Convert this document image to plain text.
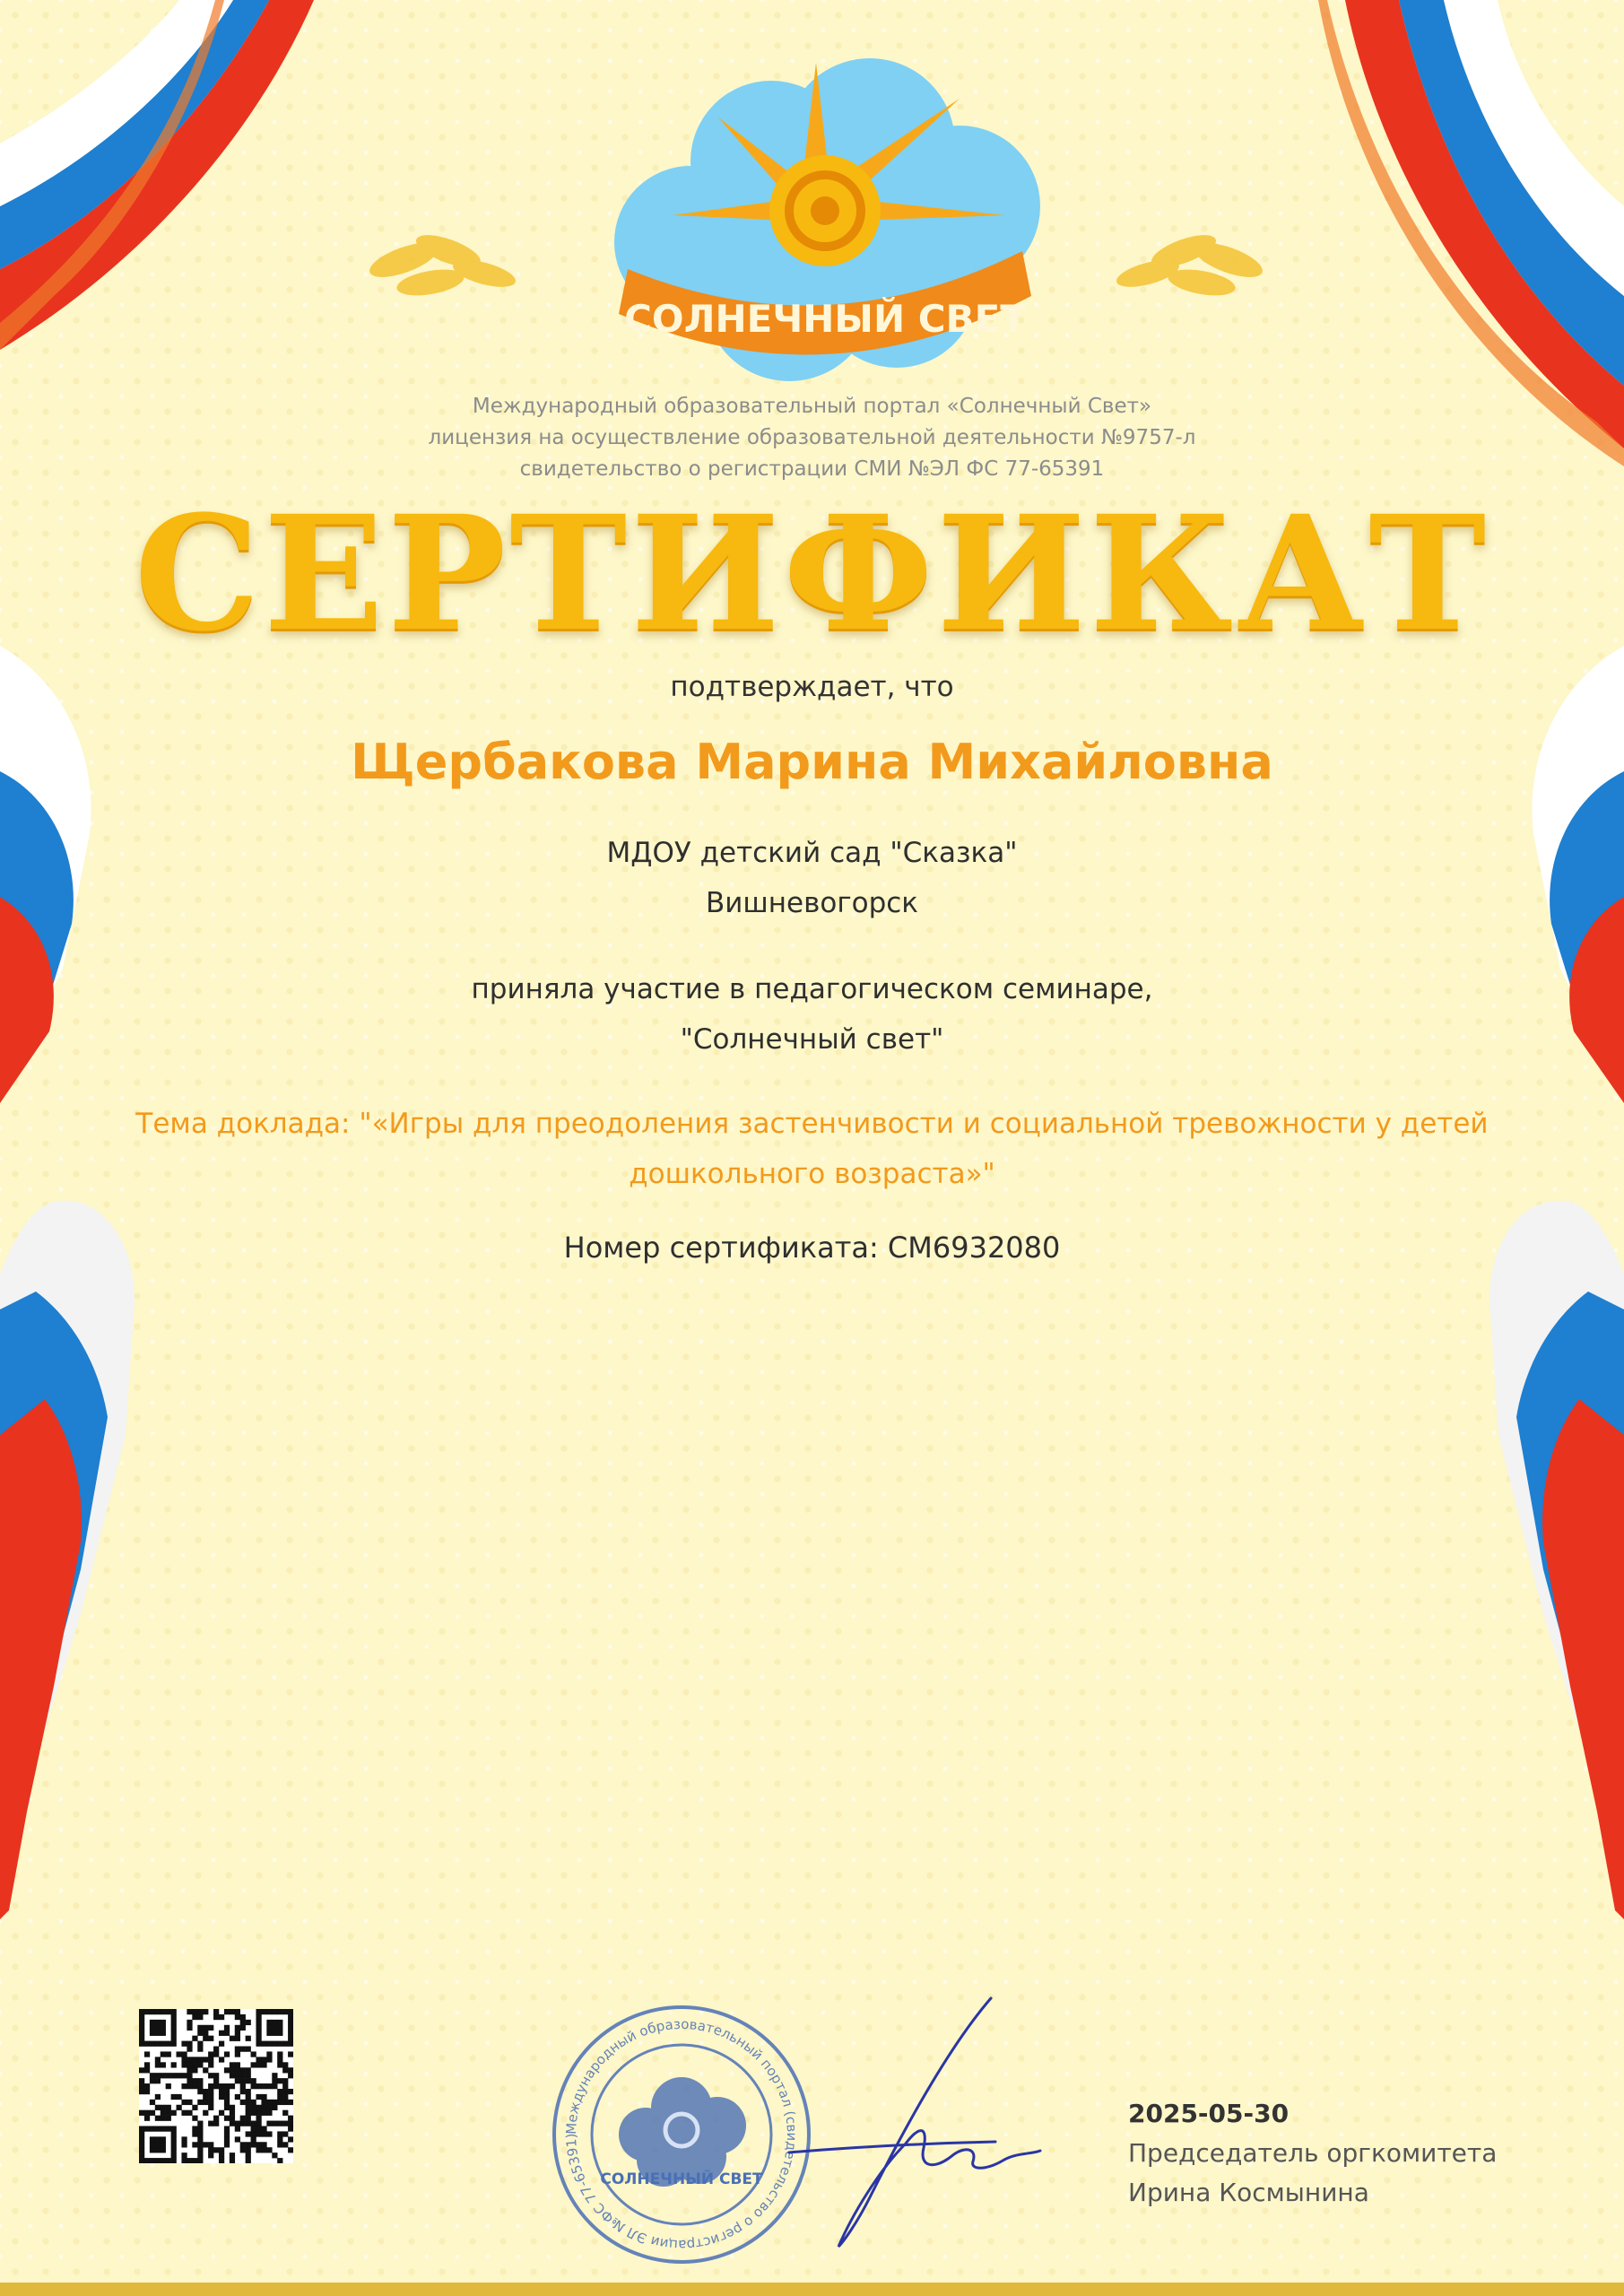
СОЛНЕЧНЫЙ СВЕТ
Международный образовательный портал «Солнечный Свет»
лицензия на осуществление образовательной деятельности №9757-л
свидетельство о регистрации СМИ №ЭЛ ФС 77-65391
СЕРТИФИКАТ
подтверждает, что
Щербакова Марина Михайловна
МДОУ детский сад "Сказка"
Вишневогорск
приняла участие в педагогическом семинаре,
"Солнечный свет"
Тема доклада: "«Игры для преодоления застенчивости и социальной тревожности у детей дошкольного возраста»"
Номер сертификата: СМ6932080
Международный образовательный портал (свидетельство о регистрации ЭЛ №ФС 77-65391)
СОЛНЕЧНЫЙ СВЕТ
2025-05-30
Председатель оргкомитета
Ирина Космынина
